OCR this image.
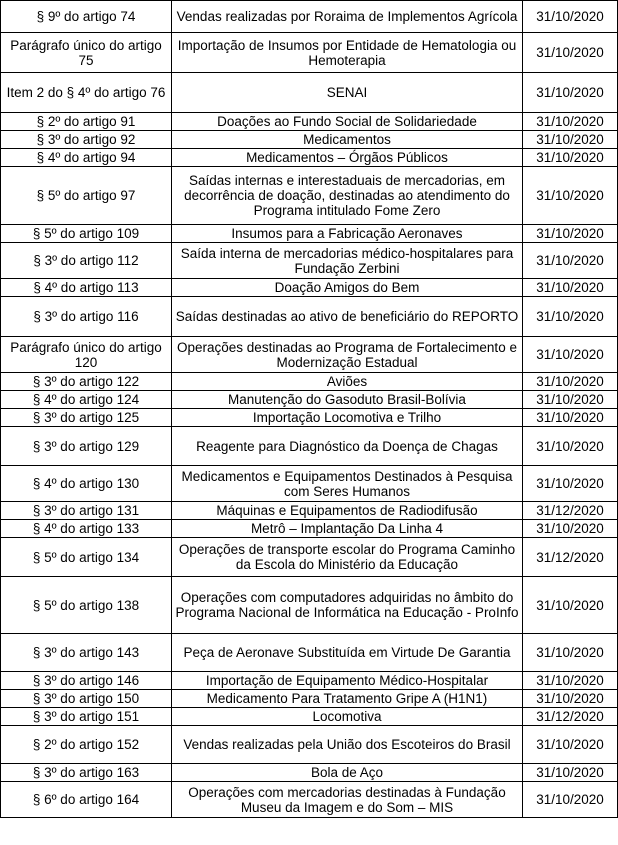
§ 9º do artigo 74	Vendas realizadas por Roraima de Implementos Agrícola	31/10/2020
Parágrafo único do artigo 75	Importação de Insumos por Entidade de Hematologia ou Hemoterapia	31/10/2020
Item 2 do § 4º do artigo 76	SENAI	31/10/2020
§ 2º do artigo 91	Doações ao Fundo Social de Solidariedade	31/10/2020
§ 3º do artigo 92	Medicamentos	31/10/2020
§ 4º do artigo 94	Medicamentos – Órgãos Públicos	31/10/2020
§ 5º do artigo 97	Saídas internas e interestaduais de mercadorias, em decorrência de doação, destinadas ao atendimento do Programa intitulado Fome Zero	31/10/2020
§ 5º do artigo 109	Insumos para a Fabricação Aeronaves	31/10/2020
§ 3º do artigo 112	Saída interna de mercadorias médico-hospitalares para Fundação Zerbini	31/10/2020
§ 4º do artigo 113	Doação Amigos do Bem	31/10/2020
§ 3º do artigo 116	Saídas destinadas ao ativo de beneficiário do REPORTO	31/10/2020
Parágrafo único do artigo 120	Operações destinadas ao Programa de Fortalecimento e Modernização Estadual	31/10/2020
§ 3º do artigo 122	Aviões	31/10/2020
§ 4º do artigo 124	Manutenção do Gasoduto Brasil-Bolívia	31/10/2020
§ 3º do artigo 125	Importação Locomotiva e Trilho	31/10/2020
§ 3º do artigo 129	Reagente para Diagnóstico da Doença de Chagas	31/10/2020
§ 4º do artigo 130	Medicamentos e Equipamentos Destinados à Pesquisa com Seres Humanos	31/10/2020
§ 3º do artigo 131	Máquinas e Equipamentos de Radiodifusão	31/12/2020
§ 4º do artigo 133	Metrô – Implantação Da Linha 4	31/10/2020
§ 5º do artigo 134	Operações de transporte escolar do Programa Caminho da Escola do Ministério da Educação	31/12/2020
§ 5º do artigo 138	Operações com computadores adquiridas no âmbito do Programa Nacional de Informática na Educação - ProInfo	31/10/2020
§ 3º do artigo 143	Peça de Aeronave Substituída em Virtude De Garantia	31/10/2020
§ 3º do artigo 146	Importação de Equipamento Médico-Hospitalar	31/10/2020
§ 3º do artigo 150	Medicamento Para Tratamento Gripe A (H1N1)	31/10/2020
§ 3º do artigo 151	Locomotiva	31/12/2020
§ 2º do artigo 152	Vendas realizadas pela União dos Escoteiros do Brasil	31/10/2020
§ 3º do artigo 163	Bola de Aço	31/10/2020
§ 6º do artigo 164	Operações com mercadorias destinadas à Fundação Museu da Imagem e do Som – MIS	31/10/2020
